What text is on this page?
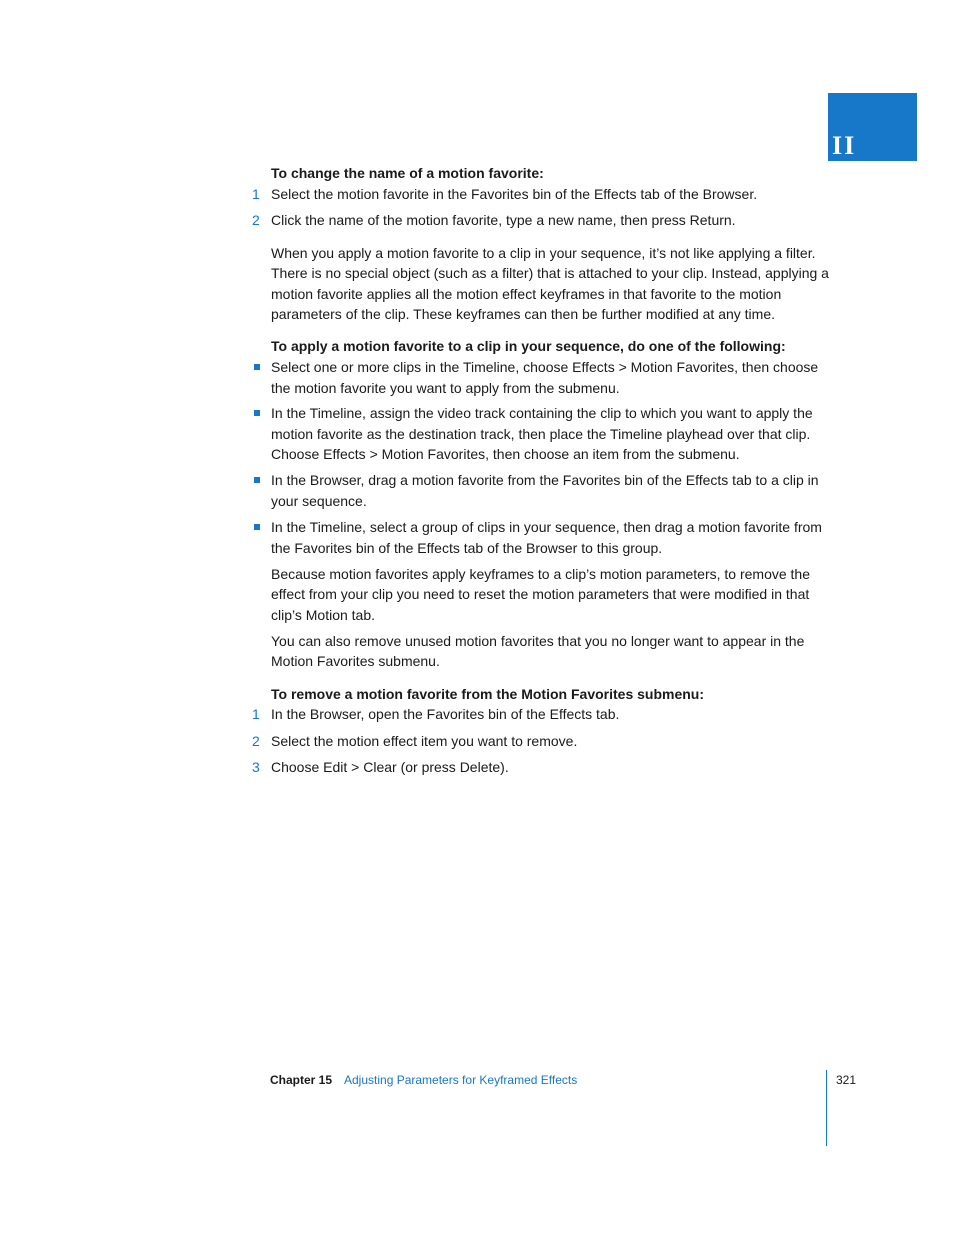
II
To change the name of a motion favorite:
1 Select the motion favorite in the Favorites bin of the Effects tab of the Browser.
2 Click the name of the motion favorite, type a new name, then press Return.
When you apply a motion favorite to a clip in your sequence, it’s not like applying a filter. There is no special object (such as a filter) that is attached to your clip. Instead, applying a motion favorite applies all the motion effect keyframes in that favorite to the motion parameters of the clip. These keyframes can then be further modified at any time.
To apply a motion favorite to a clip in your sequence, do one of the following:
Select one or more clips in the Timeline, choose Effects > Motion Favorites, then choose the motion favorite you want to apply from the submenu.
In the Timeline, assign the video track containing the clip to which you want to apply the motion favorite as the destination track, then place the Timeline playhead over that clip. Choose Effects > Motion Favorites, then choose an item from the submenu.
In the Browser, drag a motion favorite from the Favorites bin of the Effects tab to a clip in your sequence.
In the Timeline, select a group of clips in your sequence, then drag a motion favorite from the Favorites bin of the Effects tab of the Browser to this group.
Because motion favorites apply keyframes to a clip’s motion parameters, to remove the effect from your clip you need to reset the motion parameters that were modified in that clip’s Motion tab.
You can also remove unused motion favorites that you no longer want to appear in the Motion Favorites submenu.
To remove a motion favorite from the Motion Favorites submenu:
1 In the Browser, open the Favorites bin of the Effects tab.
2 Select the motion effect item you want to remove.
3 Choose Edit > Clear (or press Delete).
Chapter 15 Adjusting Parameters for Keyframed Effects	321
